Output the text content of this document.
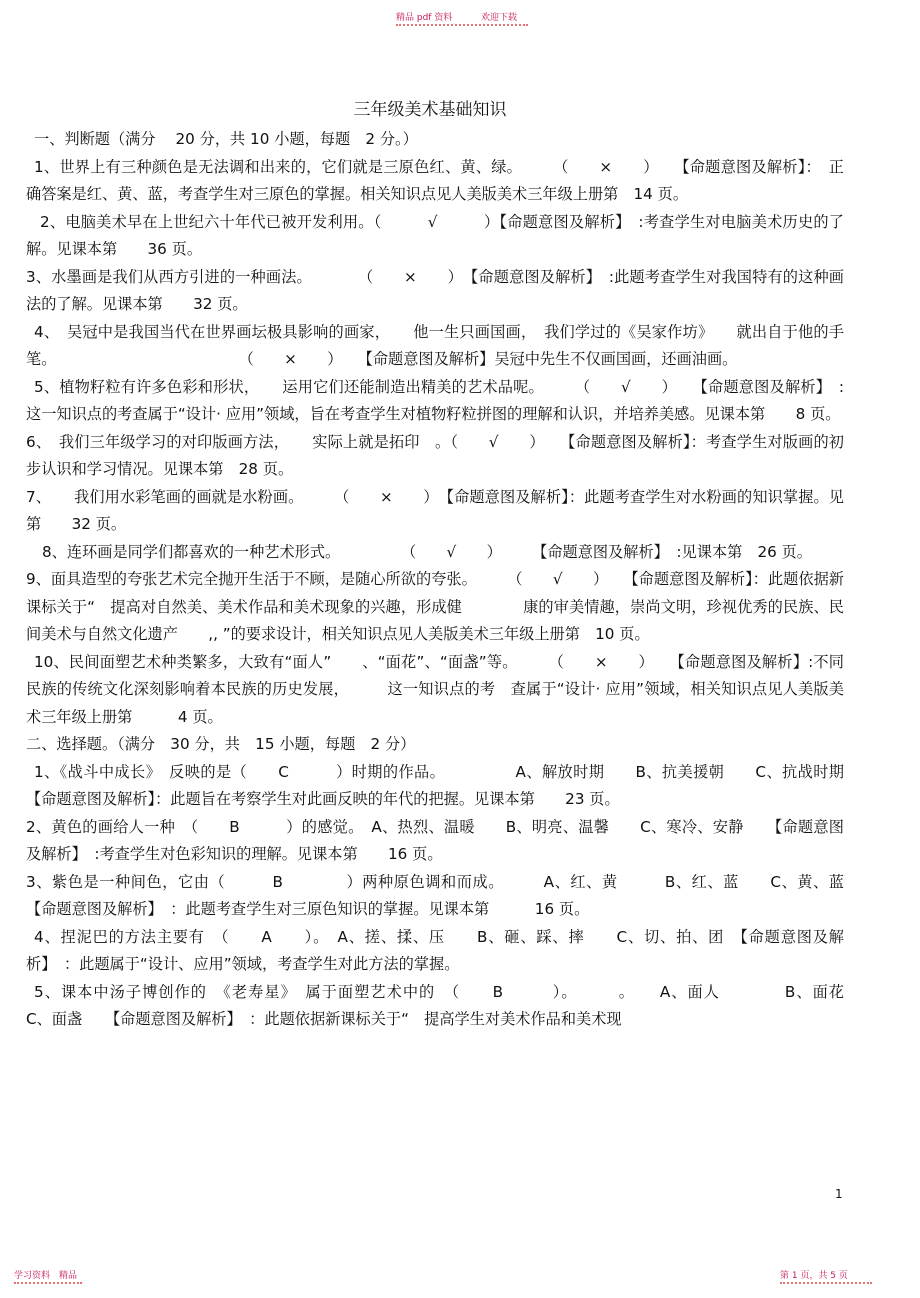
精品 pdf 资料	欢迎下载
三年级美术基础知识

一、判断题（满分　 20 分，共 10 小题，每题　2 分。）

1、世界上有三种颜色是无法调和出来的，它们就是三原色红、黄、绿。　　　（　　×　　）　　【命题意图及解析】：　正确答案是红、黄、蓝，考查学生对三原色的掌握。相关知识点见人美版美术三年级上册第　14 页。

2、电脑美术早在上世纪六十年代已被开发利用。（　　　√　　　）【命题意图及解析】　:考查学生对电脑美术历史的了解。见课本第　　36 页。

3、水墨画是我们从西方引进的一种画法。　　　　（　　×　　）　【命题意图及解析】　:此题考查学生对我国特有的这种画法的了解。见课本第　　32 页。

4、　吴冠中是我国当代在世界画坛极具影响的画家，　　他一生只画国画，　我们学过的《吴家作坊》　　就出自于他的手笔。　　　　　　　　　　　　　（　　×　　）　　【命题意图及解析】吴冠中先生不仅画国画，还画油画。

5、植物籽粒有许多色彩和形状，　　运用它们还能制造出精美的艺术品呢。　　　（　　√　　）　　【命题意图及解析】　:这一知识点的考查属于“设计· 应用”领域，旨在考查学生对植物籽粒拼图的理解和认识，并培养美感。见课本第　　8 页。

6、　我们三年级学习的对印版画方法，　　实际上就是拓印　。（　　√　　）　　【命题意图及解析】：考查学生对版画的初步认识和学习情况。见课本第　28 页。

7、　　我们用水彩笔画的画就是水粉画。　　　（　　×　　）　【命题意图及解析】：此题考查学生对水粉画的知识掌握。见第　　32 页。

8、连环画是同学们都喜欢的一种艺术形式。　　　　　（　　√　　）　　　【命题意图及解析】　:见课本第　26 页。

9、面具造型的夸张艺术完全抛开生活于不顾，是随心所欲的夸张。　　　（　　√　　）　　【命题意图及解析】：此题依据新课标关于“　提高对自然美、美术作品和美术现象的兴趣，形成健　　　　康的审美情趣，崇尚文明，珍视优秀的民族、民间美术与自然文化遗产　　,, ”的要求设计，相关知识点见人美版美术三年级上册第　10 页。

10、民间面塑艺术种类繁多，大致有“面人”　　、“面花”、“面盏”等。　　　（　　×　　）　　【命题意图及解析】:不同民族的传统文化深刻影响着本民族的历史发展，　　　这一知识点的考　查属于“设计· 应用”领域，相关知识点见人美版美术三年级上册第　　　4 页。

二、选择题。（满分　30 分，共　15 小题，每题　2 分）

1、《战斗中成长》　反映的是（　　C　　　）时期的作品。　　　　　A、解放时期　　B、抗美援朝　　C、抗战时期　　　【命题意图及解析】：此题旨在考察学生对此画反映的年代的把握。见课本第　　23 页。

2、黄色的画给人一种　（　　B　　　）的感觉。　A、热烈、温暖　　B、明亮、温馨　　C、寒冷、安静　　【命题意图及解析】　:考查学生对色彩知识的理解。见课本第　　16 页。

3、紫色是一种间色，它由（　　　B　　　　）两种原色调和而成。　　　A、红、黄　　　B、红、蓝　　C、黄、蓝　　　【命题意图及解析】　：此题考查学生对三原色知识的掌握。见课本第　　　16 页。

4、捏泥巴的方法主要有　（　　A　　）。　A、搓、揉、压　　B、砸、踩、摔　　C、切、拍、团　【命题意图及解析】　：此题属于“设计、应用”领域，考查学生对此方法的掌握。

5、课本中汤子博创作的　《老寿星》　属于面塑艺术中的　（　　B　　　）。　　　。　　A、面人　　　　B、面花　　　C、面盏　　【命题意图及解析】　：此题依据新课标关于“　提高学生对美术作品和美术现

1
学习资料　精品	第 1 页，共 5 页
